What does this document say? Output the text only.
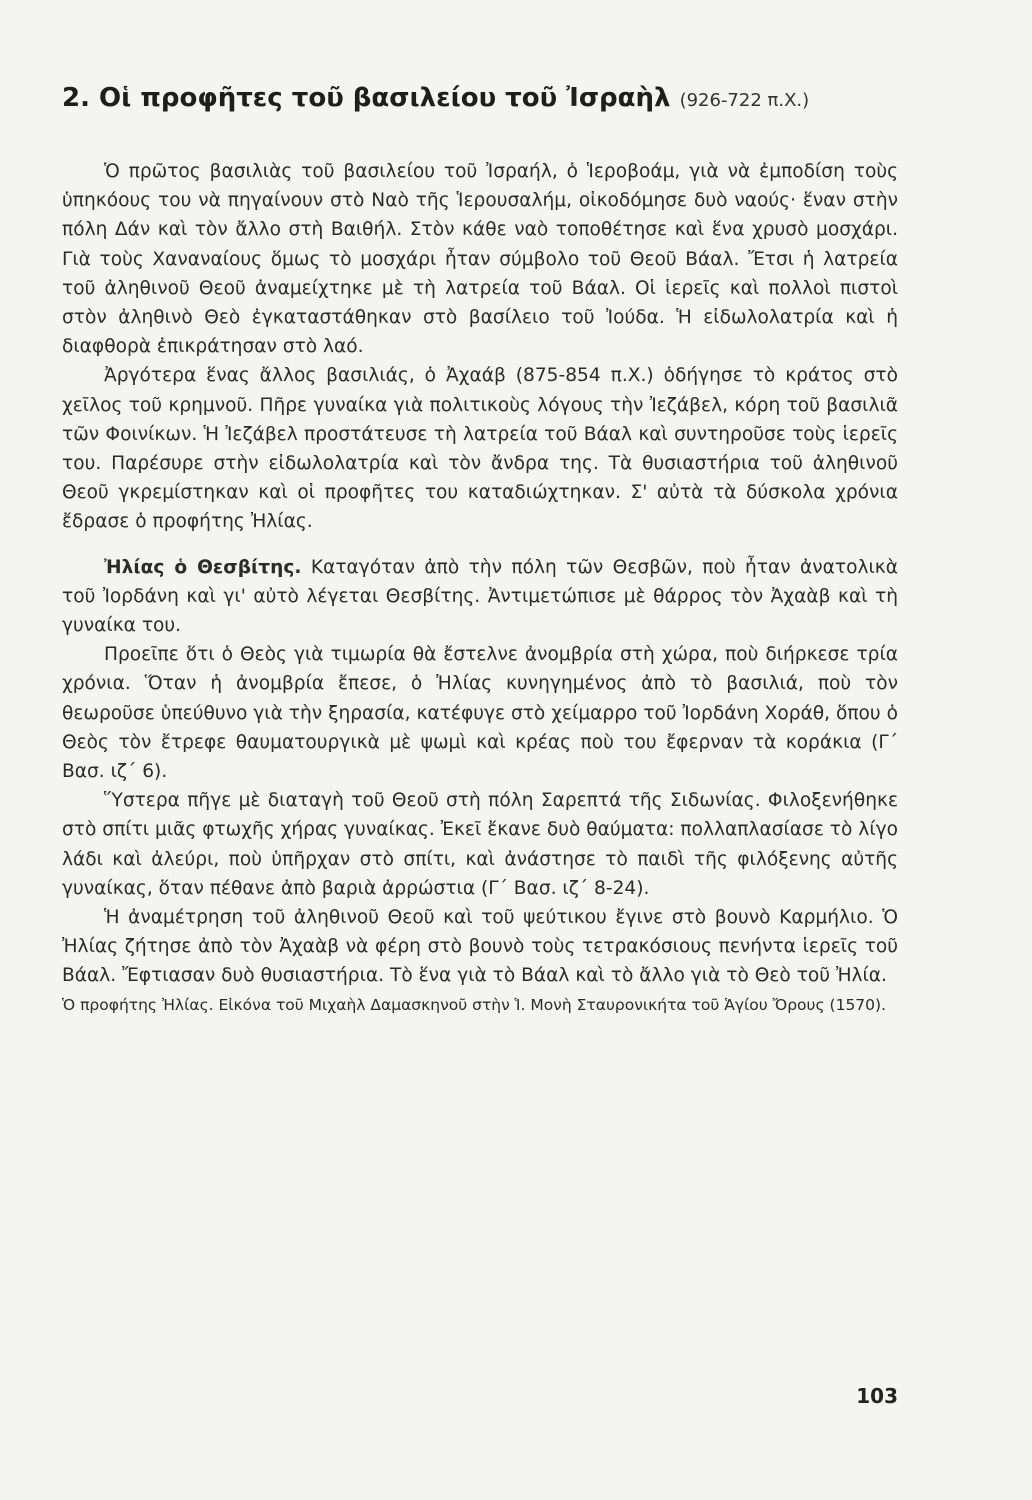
2. Οἱ προφῆτες τοῦ βασιλείου τοῦ Ἰσραὴλ (926-722 π.Χ.)

Ὁ πρῶτος βασιλιὰς τοῦ βασιλείου τοῦ Ἰσραήλ, ὁ Ἱεροβοάμ, γιὰ νὰ ἐμποδίση τοὺς ὑπηκόους του νὰ πηγαίνουν στὸ Ναὸ τῆς Ἱερουσαλήμ, οἰκοδόμησε δυὸ ναούς· ἕναν στὴν πόλη Δάν καὶ τὸν ἄλλο στὴ Βαιθήλ. Στὸν κάθε ναὸ τοποθέτησε καὶ ἕνα χρυσὸ μοσχάρι. Γιὰ τοὺς Χαναναίους ὅμως τὸ μοσχάρι ἦταν σύμβολο τοῦ Θεοῦ Βάαλ. Ἔτσι ἡ λατρεία τοῦ ἀληθινοῦ Θεοῦ ἀναμείχτηκε μὲ τὴ λατρεία τοῦ Βάαλ. Οἱ ἱερεῖς καὶ πολλοὶ πιστοὶ στὸν ἀληθινὸ Θεὸ ἐγκαταστάθηκαν στὸ βασίλειο τοῦ Ἰούδα. Ἡ εἰδωλολατρία καὶ ἡ διαφθορὰ ἐπικράτησαν στὸ λαό.

Ἀργότερα ἕνας ἄλλος βασιλιάς, ὁ Ἀχαάβ (875-854 π.Χ.) ὁδήγησε τὸ κράτος στὸ χεῖλος τοῦ κρημνοῦ. Πῆρε γυναίκα γιὰ πολιτικοὺς λόγους τὴν Ἰεζάβελ, κόρη τοῦ βασιλιᾶ τῶν Φοινίκων. Ἡ Ἰεζάβελ προστάτευσε τὴ λατρεία τοῦ Βάαλ καὶ συντηροῦσε τοὺς ἱερεῖς του. Παρέσυρε στὴν εἰδωλολατρία καὶ τὸν ἄνδρα της. Τὰ θυσιαστήρια τοῦ ἀληθινοῦ Θεοῦ γκρεμίστηκαν καὶ οἱ προφῆτες του καταδιώχτηκαν. Σ' αὐτὰ τὰ δύσκολα χρόνια ἔδρασε ὁ προφήτης Ἠλίας.

Ἠλίας ὁ Θεσβίτης. Καταγόταν ἀπὸ τὴν πόλη τῶν Θεσβῶν, ποὺ ἦταν ἀνατολικὰ τοῦ Ἰορδάνη καὶ γι' αὐτὸ λέγεται Θεσβίτης. Ἀντιμετώπισε μὲ θάρρος τὸν Ἀχαὰβ καὶ τὴ γυναίκα του.

Προεῖπε ὅτι ὁ Θεὸς γιὰ τιμωρία θὰ ἔστελνε ἀνομβρία στὴ χώρα, ποὺ διήρκεσε τρία χρόνια. Ὅταν ἡ ἀνομβρία ἔπεσε, ὁ Ἠλίας κυνηγημένος ἀπὸ τὸ βασιλιά, ποὺ τὸν θεωροῦσε ὑπεύθυνο γιὰ τὴν ξηρασία, κατέφυγε στὸ χείμαρρο τοῦ Ἰορδάνη Χοράθ, ὅπου ὁ Θεὸς τὸν ἔτρεφε θαυματουργικὰ μὲ ψωμὶ καὶ κρέας ποὺ του ἔφερναν τὰ κοράκια (Γ΄ Βασ. ιζ΄ 6).

Ὕστερα πῆγε μὲ διαταγὴ τοῦ Θεοῦ στὴ πόλη Σαρεπτά τῆς Σιδωνίας. Φιλοξενήθηκε στὸ σπίτι μιᾶς φτωχῆς χήρας γυναίκας. Ἐκεῖ ἔκανε δυὸ θαύματα: πολλαπλασίασε τὸ λίγο λάδι καὶ ἀλεύρι, ποὺ ὑπῆρχαν στὸ σπίτι, καὶ ἀνάστησε τὸ παιδὶ τῆς φιλόξενης αὐτῆς γυναίκας, ὅταν πέθανε ἀπὸ βαριὰ ἀρρώστια (Γ΄ Βασ. ιζ΄ 8-24).

Ἡ ἀναμέτρηση τοῦ ἀληθινοῦ Θεοῦ καὶ τοῦ ψεύτικου ἔγινε στὸ βουνὸ Καρμήλιο. Ὁ Ἠλίας ζήτησε ἀπὸ τὸν Ἀχαὰβ νὰ φέρη στὸ βουνὸ τοὺς τετρακόσιους πενήντα ἱερεῖς τοῦ Βάαλ. Ἔφτιασαν δυὸ θυσιαστήρια. Τὸ ἕνα γιὰ τὸ Βάαλ καὶ τὸ ἄλλο γιὰ τὸ Θεὸ τοῦ Ἠλία.

Ὁ προφήτης Ἠλίας. Εἰκόνα τοῦ Μιχαὴλ Δαμασκηνοῦ στὴν Ἱ. Μονὴ Σταυρονικήτα τοῦ Ἁγίου Ὄρους (1570).
103
